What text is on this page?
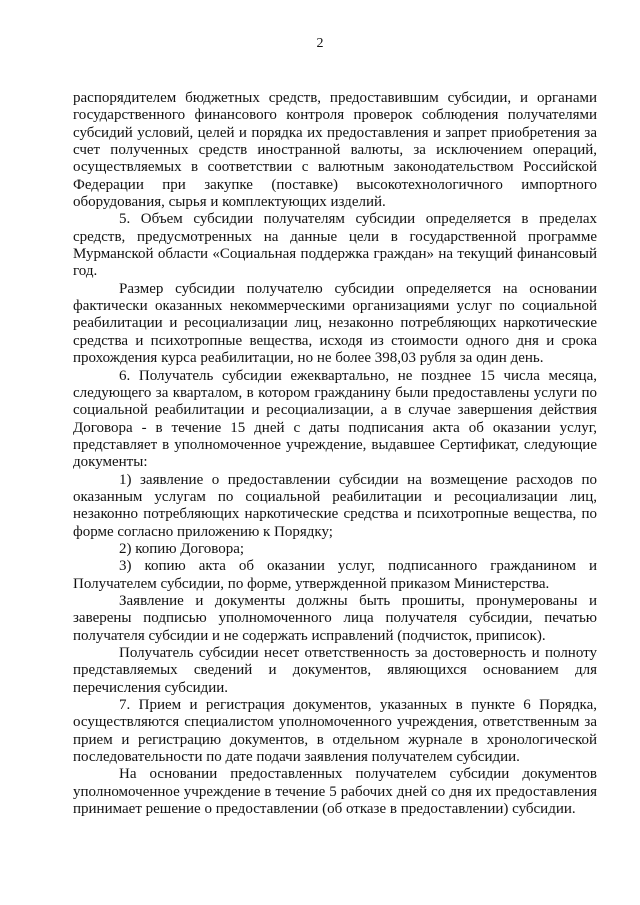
2

распорядителем бюджетных средств, предоставившим субсидии, и органами государственного финансового контроля проверок соблюдения получателями субсидий условий, целей и порядка их предоставления и запрет приобретения за счет полученных средств иностранной валюты, за исключением операций, осуществляемых в соответствии с валютным законодательством Российской Федерации при закупке (поставке) высокотехнологичного импортного оборудования, сырья и комплектующих изделий.

5. Объем субсидии получателям субсидии определяется в пределах средств, предусмотренных на данные цели в государственной программе Мурманской области «Социальная поддержка граждан» на текущий финансовый год.

Размер субсидии получателю субсидии определяется на основании фактически оказанных некоммерческими организациями услуг по социальной реабилитации и ресоциализации лиц, незаконно потребляющих наркотические средства и психотропные вещества, исходя из стоимости одного дня и срока прохождения курса реабилитации, но не более 398,03 рубля за один день.

6. Получатель субсидии ежеквартально, не позднее 15 числа месяца, следующего за кварталом, в котором гражданину были предоставлены услуги по социальной реабилитации и ресоциализации, а в случае завершения действия Договора - в течение 15 дней с даты подписания акта об оказании услуг, представляет в уполномоченное учреждение, выдавшее Сертификат, следующие документы:

1) заявление о предоставлении субсидии на возмещение расходов по оказанным услугам по социальной реабилитации и ресоциализации лиц, незаконно потребляющих наркотические средства и психотропные вещества, по форме согласно приложению к Порядку;

2) копию Договора;

3) копию акта об оказании услуг, подписанного гражданином и Получателем субсидии, по форме, утвержденной приказом Министерства.

Заявление и документы должны быть прошиты, пронумерованы и заверены подписью уполномоченного лица получателя субсидии, печатью получателя субсидии и не содержать исправлений (подчисток, приписок).

Получатель субсидии несет ответственность за достоверность и полноту представляемых сведений и документов, являющихся основанием для перечисления субсидии.

7. Прием и регистрация документов, указанных в пункте 6 Порядка, осуществляются специалистом уполномоченного учреждения, ответственным за прием и регистрацию документов, в отдельном журнале в хронологической последовательности по дате подачи заявления получателем субсидии.

На основании предоставленных получателем субсидии документов уполномоченное учреждение в течение 5 рабочих дней со дня их предоставления принимает решение о предоставлении (об отказе в предоставлении) субсидии.
